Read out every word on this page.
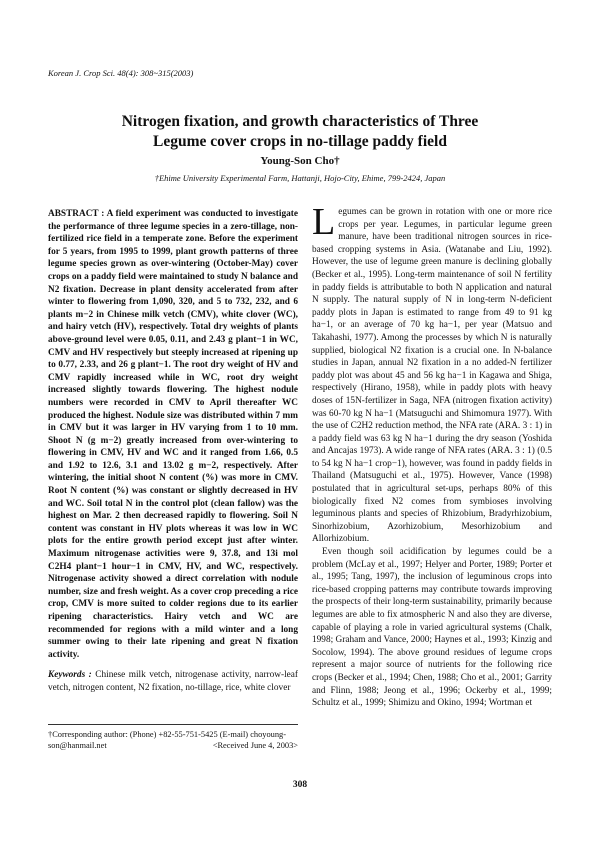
Korean J. Crop Sci. 48(4): 308~315(2003)
Nitrogen fixation, and growth characteristics of Three
Legume cover crops in no-tillage paddy field
Young-Son Cho†
†Ehime University Experimental Farm, Hattanji, Hojo-City, Ehime, 799-2424, Japan

ABSTRACT : A field experiment was conducted to investigate the performance of three legume species in a zero-tillage, non-fertilized rice field in a temperate zone. Before the experiment for 5 years, from 1995 to 1999, plant growth patterns of three legume species grown as over-wintering (October-May) cover crops on a paddy field were maintained to study N balance and N2 fixation. Decrease in plant density accelerated from after winter to flowering from 1,090, 320, and 5 to 732, 232, and 6 plants m−2 in Chinese milk vetch (CMV), white clover (WC), and hairy vetch (HV), respectively. Total dry weights of plants above-ground level were 0.05, 0.11, and 2.43 g plant−1 in WC, CMV and HV respectively but steeply increased at ripening up to 0.77, 2.33, and 26 g plant−1. The root dry weight of HV and CMV rapidly increased while in WC, root dry weight increased slightly towards flowering. The highest nodule numbers were recorded in CMV to April thereafter WC produced the highest. Nodule size was distributed within 7 mm in CMV but it was larger in HV varying from 1 to 10 mm. Shoot N (g m−2) greatly increased from over-wintering to flowering in CMV, HV and WC and it ranged from 1.66, 0.5 and 1.92 to 12.6, 3.1 and 13.02 g m−2, respectively. After wintering, the initial shoot N content (%) was more in CMV. Root N content (%) was constant or slightly decreased in HV and WC. Soil total N in the control plot (clean fallow) was the highest on Mar. 2 then decreased rapidly to flowering. Soil N content was constant in HV plots whereas it was low in WC plots for the entire growth period except just after winter. Maximum nitrogenase activities were 9, 37.8, and 13i mol C2H4 plant−1 hour−1 in CMV, HV, and WC, respectively. Nitrogenase activity showed a direct correlation with nodule number, size and fresh weight. As a cover crop preceding a rice crop, CMV is more suited to colder regions due to its earlier ripening characteristics. Hairy vetch and WC are recommended for regions with a mild winter and a long summer owing to their late ripening and great N fixation activity.

Keywords : Chinese milk vetch, nitrogenase activity, narrow-leaf vetch, nitrogen content, N2 fixation, no-tillage, rice, white clover

†Corresponding author: (Phone) +82-55-751-5425 (E-mail) choyoung-
son@hanmail.net	<Received June 4, 2003>

L egumes can be grown in rotation with one or more rice crops per year. Legumes, in particular legume green manure, have been traditional nitrogen sources in rice-based cropping systems in Asia. (Watanabe and Liu, 1992). However, the use of legume green manure is declining globally (Becker et al., 1995). Long-term maintenance of soil N fertility in paddy fields is attributable to both N application and natural N supply. The natural supply of N in long-term N-deficient paddy plots in Japan is estimated to range from 49 to 91 kg ha−1, or an average of 70 kg ha−1, per year (Matsuo and Takahashi, 1977). Among the processes by which N is naturally supplied, biological N2 fixation is a crucial one. In N-balance studies in Japan, annual N2 fixation in a no added-N fertilizer paddy plot was about 45 and 56 kg ha−1 in Kagawa and Shiga, respectively (Hirano, 1958), while in paddy plots with heavy doses of 15N-fertilizer in Saga, NFA (nitrogen fixation activity) was 60-70 kg N ha−1 (Matsuguchi and Shimomura 1977). With the use of C2H2 reduction method, the NFA rate (ARA. 3 : 1) in a paddy field was 63 kg N ha−1 during the dry season (Yoshida and Ancajas 1973). A wide range of NFA rates (ARA. 3 : 1) (0.5 to 54 kg N ha−1 crop−1), however, was found in paddy fields in Thailand (Matsuguchi et al., 1975). However, Vance (1998) postulated that in agricultural set-ups, perhaps 80% of this biologically fixed N2 comes from symbioses involving leguminous plants and species of Rhizobium, Bradyrhizobium, Sinorhizobium, Azorhizobium, Mesorhizobium and Allorhizobium.

Even though soil acidification by legumes could be a problem (McLay et al., 1997; Helyer and Porter, 1989; Porter et al., 1995; Tang, 1997), the inclusion of leguminous crops into rice-based cropping patterns may contribute towards improving the prospects of their long-term sustainability, primarily because legumes are able to fix atmospheric N and also they are diverse, capable of playing a role in varied agricultural systems (Chalk, 1998; Graham and Vance, 2000; Haynes et al., 1993; Kinzig and Socolow, 1994). The above ground residues of legume crops represent a major source of nutrients for the following rice crops (Becker et al., 1994; Chen, 1988; Cho et al., 2001; Garrity and Flinn, 1988; Jeong et al., 1996; Ockerby et al., 1999; Schultz et al., 1999; Shimizu and Okino, 1994; Wortman et

308
